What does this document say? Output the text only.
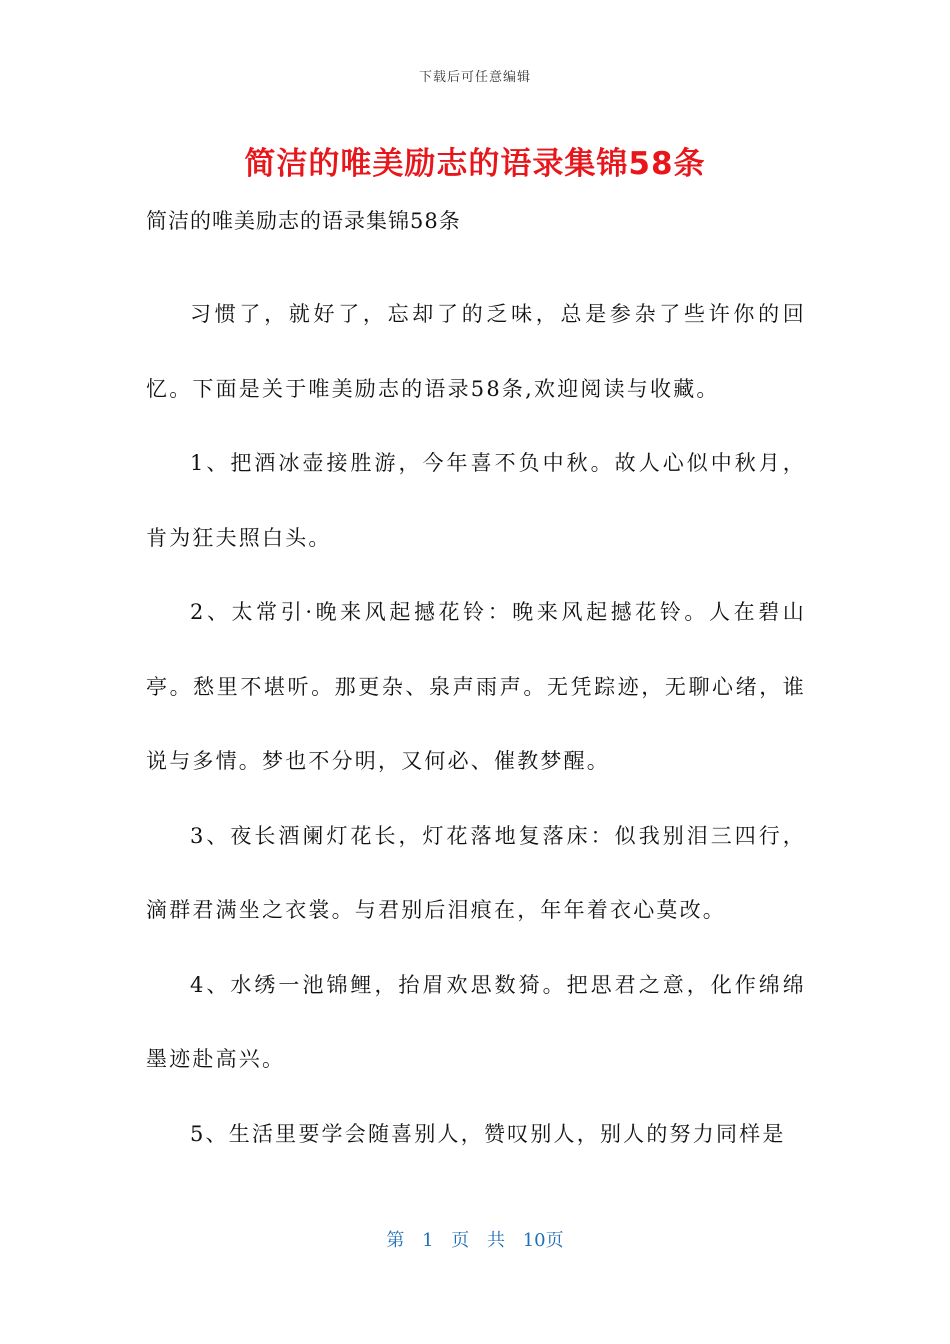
下载后可任意编辑
简洁的唯美励志的语录集锦58条

简洁的唯美励志的语录集锦58条

习惯了，就好了，忘却了的乏味，总是参杂了些许你的回忆。下面是关于唯美励志的语录58条,欢迎阅读与收藏。

1、把酒冰壶接胜游，今年喜不负中秋。故人心似中秋月，肯为狂夫照白头。

2、太常引·晚来风起撼花铃：晚来风起撼花铃。人在碧山亭。愁里不堪听。那更杂、泉声雨声。无凭踪迹，无聊心绪，谁说与多情。梦也不分明，又何必、催教梦醒。

3、夜长酒阑灯花长，灯花落地复落床：似我别泪三四行，滴群君满坐之衣裳。与君别后泪痕在，年年着衣心莫改。

4、水绣一池锦鲤，抬眉欢思数猗。把思君之意，化作绵绵墨迹赴高兴。

5、生活里要学会随喜别人，赞叹别人，别人的努力同样是

第 1 页 共 10页
